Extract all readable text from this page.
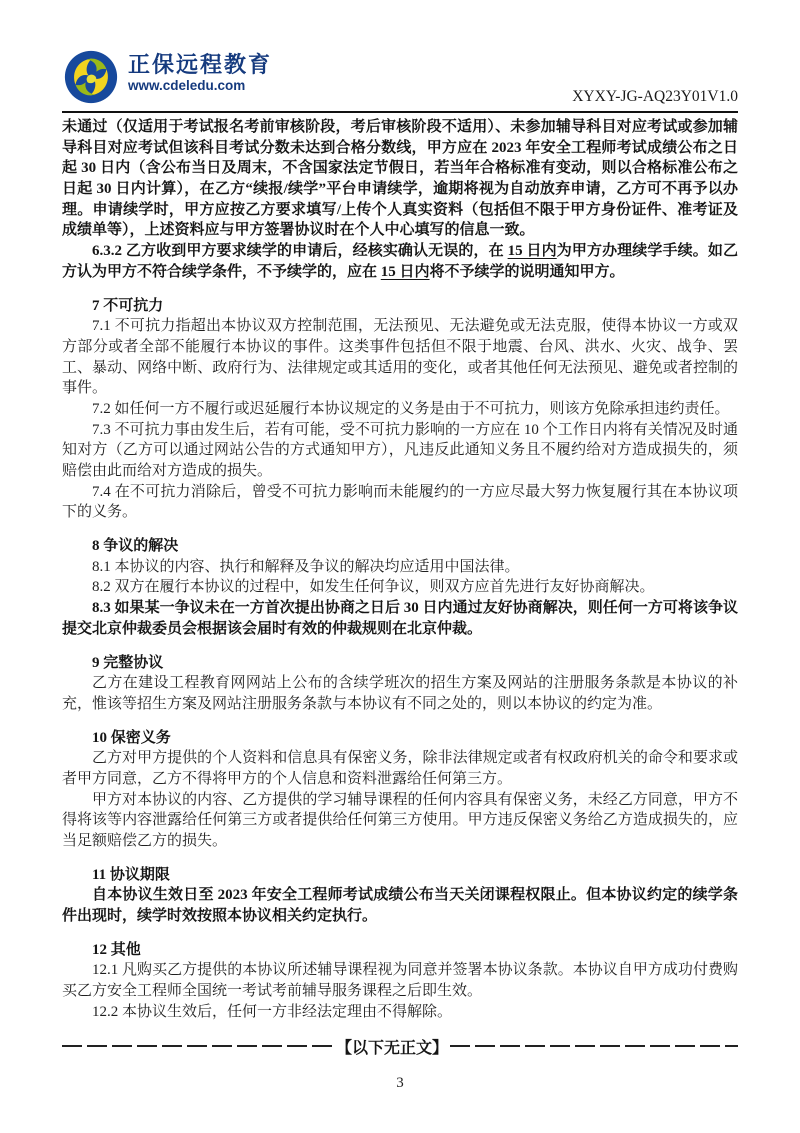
正保远程教育
www.cdeledu.com
XYXY-JG-AQ23Y01V1.0

未通过（仅适用于考试报名考前审核阶段，考后审核阶段不适用）、未参加辅导科目对应考试或参加辅导科目对应考试但该科目考试分数未达到合格分数线，甲方应在 2023 年安全工程师考试成绩公布之日起 30 日内（含公布当日及周末，不含国家法定节假日，若当年合格标准有变动，则以合格标准公布之日起 30 日内计算），在乙方“续报/续学”平台申请续学，逾期将视为自动放弃申请，乙方可不再予以办理。申请续学时，甲方应按乙方要求填写/上传个人真实资料（包括但不限于甲方身份证件、准考证及成绩单等），上述资料应与甲方签署协议时在个人中心填写的信息一致。

6.3.2 乙方收到甲方要求续学的申请后，经核实确认无误的，在 15 日内为甲方办理续学手续。如乙方认为甲方不符合续学条件，不予续学的，应在 15 日内将不予续学的说明通知甲方。

7 不可抗力

7.1 不可抗力指超出本协议双方控制范围，无法预见、无法避免或无法克服，使得本协议一方或双方部分或者全部不能履行本协议的事件。这类事件包括但不限于地震、台风、洪水、火灾、战争、罢工、暴动、网络中断、政府行为、法律规定或其适用的变化，或者其他任何无法预见、避免或者控制的事件。

7.2 如任何一方不履行或迟延履行本协议规定的义务是由于不可抗力，则该方免除承担违约责任。

7.3 不可抗力事由发生后，若有可能，受不可抗力影响的一方应在 10 个工作日内将有关情况及时通知对方（乙方可以通过网站公告的方式通知甲方），凡违反此通知义务且不履约给对方造成损失的，须赔偿由此而给对方造成的损失。

7.4 在不可抗力消除后，曾受不可抗力影响而未能履约的一方应尽最大努力恢复履行其在本协议项下的义务。

8 争议的解决

8.1 本协议的内容、执行和解释及争议的解决均应适用中国法律。

8.2 双方在履行本协议的过程中，如发生任何争议，则双方应首先进行友好协商解决。

8.3 如果某一争议未在一方首次提出协商之日后 30 日内通过友好协商解决，则任何一方可将该争议提交北京仲裁委员会根据该会届时有效的仲裁规则在北京仲裁。

9 完整协议

乙方在建设工程教育网网站上公布的含续学班次的招生方案及网站的注册服务条款是本协议的补充，惟该等招生方案及网站注册服务条款与本协议有不同之处的，则以本协议的约定为准。

10 保密义务

乙方对甲方提供的个人资料和信息具有保密义务，除非法律规定或者有权政府机关的命令和要求或者甲方同意，乙方不得将甲方的个人信息和资料泄露给任何第三方。

甲方对本协议的内容、乙方提供的学习辅导课程的任何内容具有保密义务，未经乙方同意，甲方不得将该等内容泄露给任何第三方或者提供给任何第三方使用。甲方违反保密义务给乙方造成损失的，应当足额赔偿乙方的损失。

11 协议期限

自本协议生效日至 2023 年安全工程师考试成绩公布当天关闭课程权限止。但本协议约定的续学条件出现时，续学时效按照本协议相关约定执行。

12 其他

12.1 凡购买乙方提供的本协议所述辅导课程视为同意并签署本协议条款。本协议自甲方成功付费购买乙方安全工程师全国统一考试考前辅导服务课程之后即生效。

12.2 本协议生效后，任何一方非经法定理由不得解除。

【以下无正文】
3
